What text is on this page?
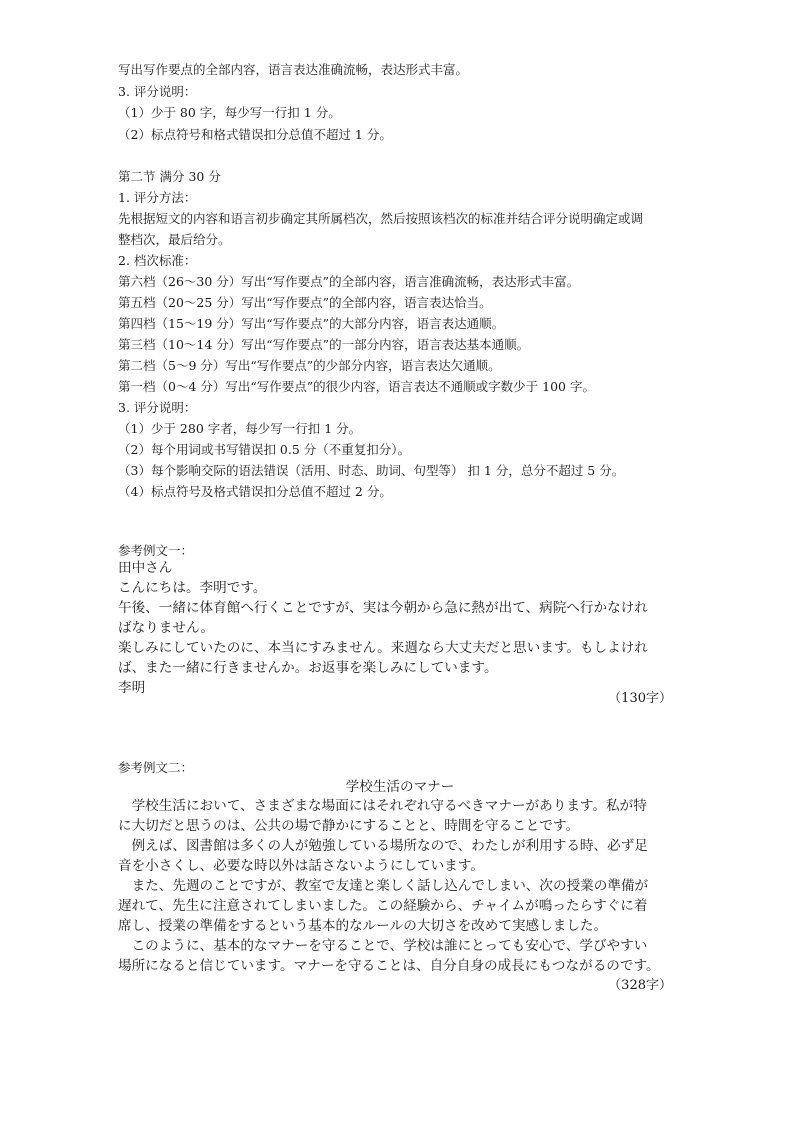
写出写作要点的全部内容，语言表达准确流畅，表达形式丰富。
3. 评分说明：
（1）少于 80 字，每少写一行扣 1 分。
（2）标点符号和格式错误扣分总值不超过 1 分。
第二节 满分 30 分
1. 评分方法：
先根据短文的内容和语言初步确定其所属档次，然后按照该档次的标准并结合评分说明确定或调
整档次，最后给分。
2. 档次标准：
第六档（26～30 分）写出“写作要点”的全部内容，语言准确流畅，表达形式丰富。
第五档（20～25 分）写出“写作要点”的全部内容，语言表达恰当。
第四档（15～19 分）写出“写作要点”的大部分内容，语言表达通顺。
第三档（10～14 分）写出“写作要点”的一部分内容，语言表达基本通顺。
第二档（5～9 分）写出“写作要点”的少部分内容，语言表达欠通顺。
第一档（0～4 分）写出“写作要点”的很少内容，语言表达不通顺或字数少于 100 字。
3. 评分说明：
（1）少于 280 字者，每少写一行扣 1 分。
（2）每个用词或书写错误扣 0.5 分（不重复扣分）。
（3）每个影响交际的语法错误（活用、时态、助词、句型等） 扣 1 分，总分不超过 5 分。
（4）标点符号及格式错误扣分总值不超过 2 分。
参考例文一：
田中さん
こんにちは。李明です。
午後、一緒に体育館へ行くことですが、実は今朝から急に熱が出て、病院へ行かなけれ
ばなりません。
楽しみにしていたのに、本当にすみません。来週なら大丈夫だと思います。もしよけれ
ば、また一緒に行きませんか。お返事を楽しみにしています。
李明
（130字）
参考例文二：
学校生活のマナー
　学校生活において、さまざまな場面にはそれぞれ守るべきマナーがあります。私が特
に大切だと思うのは、公共の場で静かにすることと、時間を守ることです。
　例えば、図書館は多くの人が勉強している場所なので、わたしが利用する時、必ず足
音を小さくし、必要な時以外は話さないようにしています。
　また、先週のことですが、教室で友達と楽しく話し込んでしまい、次の授業の準備が
遅れて、先生に注意されてしまいました。この経験から、チャイムが鳴ったらすぐに着
席し、授業の準備をするという基本的なルールの大切さを改めて実感しました。
　このように、基本的なマナーを守ることで、学校は誰にとっても安心で、学びやすい
場所になると信じています。マナーを守ることは、自分自身の成長にもつながるのです。
（328字）
